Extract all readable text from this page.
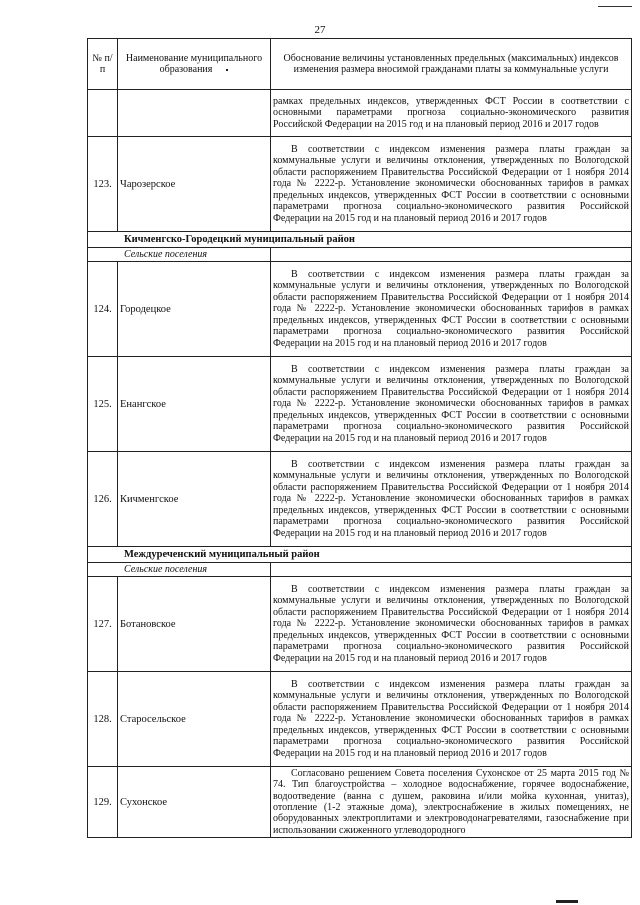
27
№ п/п	Наименование муниципального образования	Обоснование величины установленных предельных (максимальных) индексов изменения размера вносимой гражданами платы за коммунальные услуги
		рамках предельных индексов, утвержденных ФСТ России в соответствии с основными параметрами прогноза социально-экономического развития Российской Федерации на 2015 год и на плановый период 2016 и 2017 годов
123.	Чарозерское	В соответствии с индексом изменения размера платы граждан за коммунальные услуги и величины отклонения, утвержденных по Вологодской области распоряжением Правительства Российской Федерации от 1 ноября 2014 года № 2222-р. Установление экономически обоснованных тарифов в рамках предельных индексов, утвержденных ФСТ России в соответствии с основными параметрами прогноза социально-экономического развития Российской Федерации на 2015 год и на плановый период 2016 и 2017 годов

Кичменгско-Городецкий муниципальный район		
Сельские поселения		
124.	Городецкое	В соответствии с индексом изменения размера платы граждан за коммунальные услуги и величины отклонения, утвержденных по Вологодской области распоряжением Правительства Российской Федерации от 1 ноября 2014 года № 2222-р. Установление экономически обоснованных тарифов в рамках предельных индексов, утвержденных ФСТ России в соответствии с основными параметрами прогноза социально-экономического развития Российской Федерации на 2015 год и на плановый период 2016 и 2017 годов

125.	Енангское	В соответствии с индексом изменения размера платы граждан за коммунальные услуги и величины отклонения, утвержденных по Вологодской области распоряжением Правительства Российской Федерации от 1 ноября 2014 года № 2222-р. Установление экономически обоснованных тарифов в рамках предельных индексов, утвержденных ФСТ России в соответствии с основными параметрами прогноза социально-экономического развития Российской Федерации на 2015 год и на плановый период 2016 и 2017 годов

126.	Кичменгское	В соответствии с индексом изменения размера платы граждан за коммунальные услуги и величины отклонения, утвержденных по Вологодской области распоряжением Правительства Российской Федерации от 1 ноября 2014 года № 2222-р. Установление экономически обоснованных тарифов в рамках предельных индексов, утвержденных ФСТ России в соответствии с основными параметрами прогноза социально-экономического развития Российской Федерации на 2015 год и на плановый период 2016 и 2017 годов

Междуреченский муниципальный район		
Сельские поселения		
127.	Ботановское	В соответствии с индексом изменения размера платы граждан за коммунальные услуги и величины отклонения, утвержденных по Вологодской области распоряжением Правительства Российской Федерации от 1 ноября 2014 года № 2222-р. Установление экономически обоснованных тарифов в рамках предельных индексов, утвержденных ФСТ России в соответствии с основными параметрами прогноза социально-экономического развития Российской Федерации на 2015 год и на плановый период 2016 и 2017 годов

128.	Старосельское	В соответствии с индексом изменения размера платы граждан за коммунальные услуги и величины отклонения, утвержденных по Вологодской области распоряжением Правительства Российской Федерации от 1 ноября 2014 года № 2222-р. Установление экономически обоснованных тарифов в рамках предельных индексов, утвержденных ФСТ России в соответствии с основными параметрами прогноза социально-экономического развития Российской Федерации на 2015 год и на плановый период 2016 и 2017 годов

129.	Сухонское	Согласовано решением Совета поселения Сухонское от 25 марта 2015 год № 74. Тип благоустройства – холодное водоснабжение, горячее водоснабжение, водоотведение (ванна с душем, раковина и/или мойка кухонная, унитаз), отопление (1-2 этажные дома), электроснабжение в жилых помещениях, не оборудованных электроплитами и электроводонагревателями, газоснабжение при использовании сжиженного углеводородного
